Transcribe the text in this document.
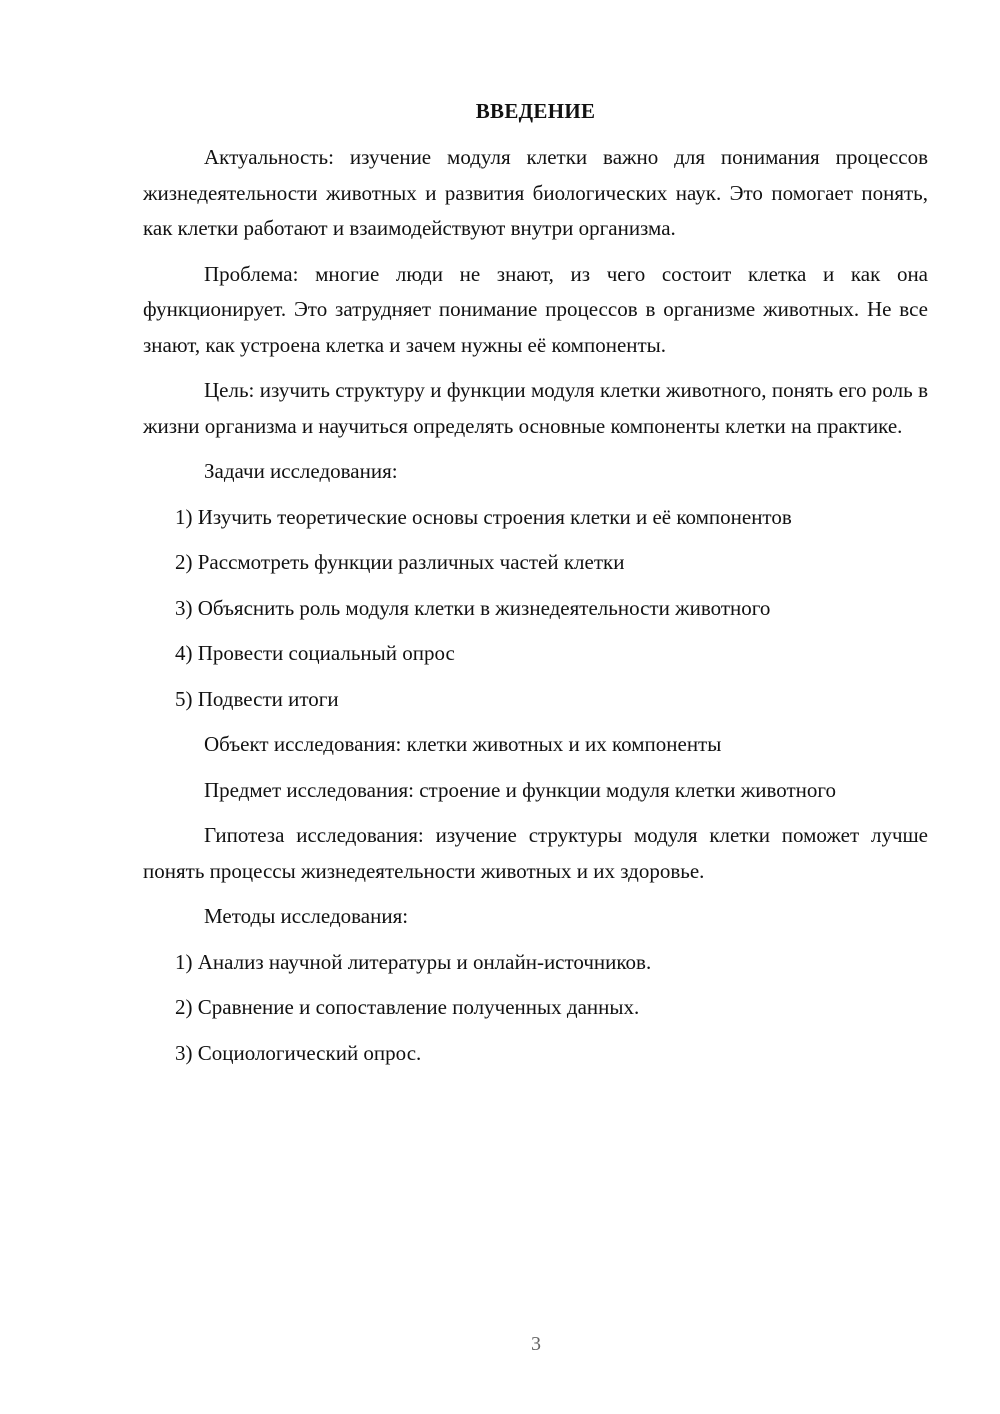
ВВЕДЕНИЕ

Актуальность: изучение модуля клетки важно для понимания процессов жизнедеятельности животных и развития биологических наук. Это помогает понять, как клетки работают и взаимодействуют внутри организма.

Проблема: многие люди не знают, из чего состоит клетка и как она функционирует. Это затрудняет понимание процессов в организме животных. Не все знают, как устроена клетка и зачем нужны её компоненты.

Цель: изучить структуру и функции модуля клетки животного, понять его роль в жизни организма и научиться определять основные компоненты клетки на практике.

Задачи исследования:
1) Изучить теоретические основы строения клетки и её компонентов
2) Рассмотреть функции различных частей клетки
3) Объяснить роль модуля клетки в жизнедеятельности животного
4) Провести социальный опрос
5) Подвести итоги
Объект исследования: клетки животных и их компоненты

Предмет исследования: строение и функции модуля клетки животного

Гипотеза исследования: изучение структуры модуля клетки поможет лучше понять процессы жизнедеятельности животных и их здоровье.

Методы исследования:
1) Анализ научной литературы и онлайн-источников.
2) Сравнение и сопоставление полученных данных.
3) Социологический опрос.
3
